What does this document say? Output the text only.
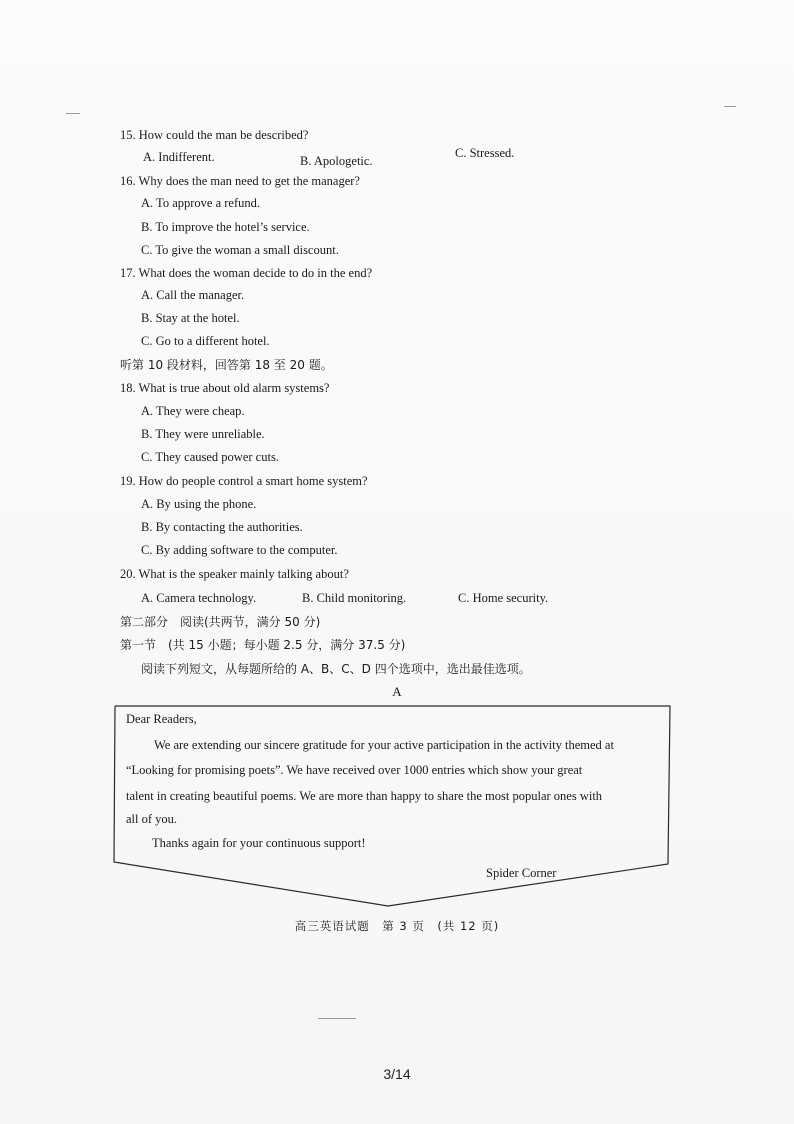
15. How could the man be described?
A. Indifferent.	B. Apologetic.
C. Stressed.
16. Why does the man need to get the manager?
A. To approve a refund.
B. To improve the hotel’s service.
C. To give the woman a small discount.
17. What does the woman decide to do in the end?
A. Call the manager.
B. Stay at the hotel.
C. Go to a different hotel.
听第 10 段材料，回答第 18 至 20 题。
18. What is true about old alarm systems?
A. They were cheap.
B. They were unreliable.
C. They caused power cuts.
19. How do people control a smart home system?
A. By using the phone.
B. By contacting the authorities.
C. By adding software to the computer.
20. What is the speaker mainly talking about?
A. Camera technology.	B. Child monitoring.	C. Home security.
第二部分　阅读(共两节，满分 50 分)
第一节　(共 15 小题；每小题 2.5 分，满分 37.5 分)
阅读下列短文，从每题所给的 A、B、C、D 四个选项中，选出最佳选项。
A
Dear Readers,
We are extending our sincere gratitude for your active participation in the activity themed at
“Looking for promising poets”. We have received over 1000 entries which show your great
talent in creating beautiful poems. We are more than happy to share the most popular ones with
all of you.
Thanks again for your continuous support!
Spider Corner
高三英语试题　第 3 页　(共 12 页)
3/14
